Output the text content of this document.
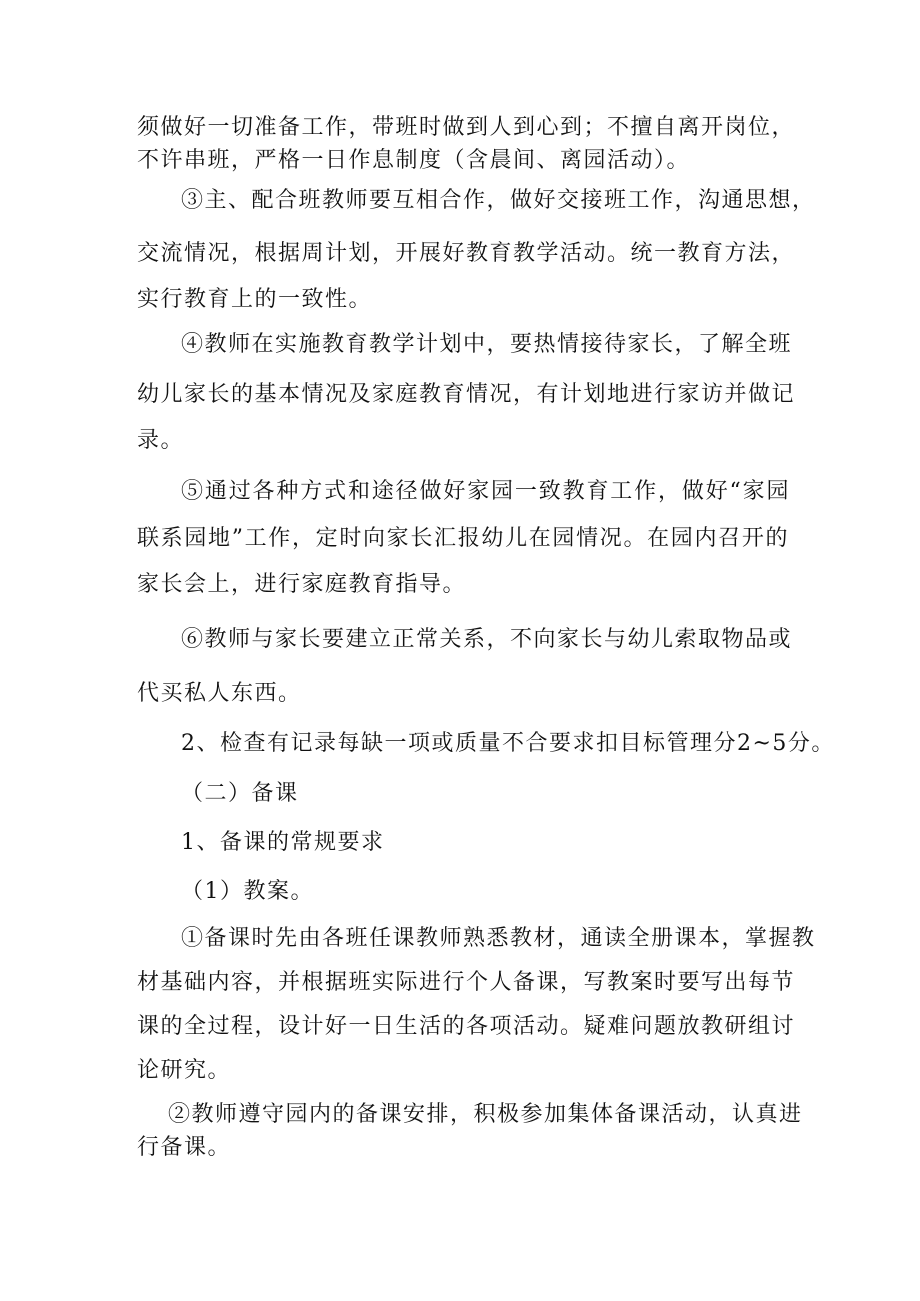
须做好一切准备工作，带班时做到人到心到；不擅自离开岗位，
不许串班，严格一日作息制度（含晨间、离园活动）。
③主、配合班教师要互相合作，做好交接班工作，沟通思想，
交流情况，根据周计划，开展好教育教学活动。统一教育方法，
实行教育上的一致性。
④教师在实施教育教学计划中，要热情接待家长，了解全班
幼儿家长的基本情况及家庭教育情况，有计划地进行家访并做记
录。
⑤通过各种方式和途径做好家园一致教育工作，做好“家园
联系园地”工作，定时向家长汇报幼儿在园情况。在园内召开的
家长会上，进行家庭教育指导。
⑥教师与家长要建立正常关系，不向家长与幼儿索取物品或
代买私人东西。
2、检查有记录每缺一项或质量不合要求扣目标管理分2~5分。
（二）备课
1、备课的常规要求
（1）教案。
①备课时先由各班任课教师熟悉教材，通读全册课本，掌握教
材基础内容，并根据班实际进行个人备课，写教案时要写出每节
课的全过程，设计好一日生活的各项活动。疑难问题放教研组讨
论研究。
②教师遵守园内的备课安排，积极参加集体备课活动，认真进
行备课。
